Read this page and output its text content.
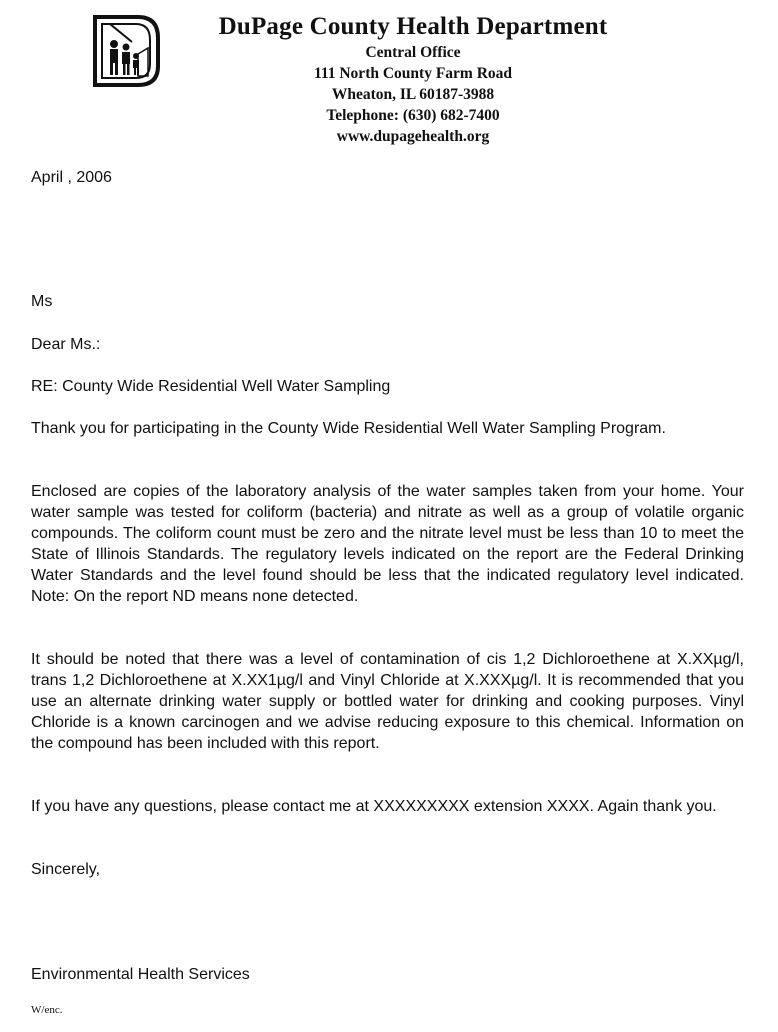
DuPage County Health Department
Central Office
111 North County Farm Road
Wheaton, IL 60187-3988
Telephone: (630) 682-7400
www.dupagehealth.org
April , 2006
Ms
Dear Ms.:
RE: County Wide Residential Well Water Sampling
Thank you for participating in the County Wide Residential Well Water Sampling Program.
Enclosed are copies of the laboratory analysis of the water samples taken from your home. Your water sample was tested for coliform (bacteria) and nitrate as well as a group of volatile organic compounds. The coliform count must be zero and the nitrate level must be less than 10 to meet the State of Illinois Standards. The regulatory levels indicated on the report are the Federal Drinking Water Standards and the level found should be less that the indicated regulatory level indicated. Note: On the report ND means none detected.
It should be noted that there was a level of contamination of cis 1,2 Dichloroethene at X.XXµg/l, trans 1,2 Dichloroethene at X.XX1µg/l and Vinyl Chloride at X.XXXµg/l. It is recommended that you use an alternate drinking water supply or bottled water for drinking and cooking purposes. Vinyl Chloride is a known carcinogen and we advise reducing exposure to this chemical. Information on the compound has been included with this report.
If you have any questions, please contact me at XXXXXXXXX extension XXXX. Again thank you.
Sincerely,
Environmental Health Services
W/enc.
